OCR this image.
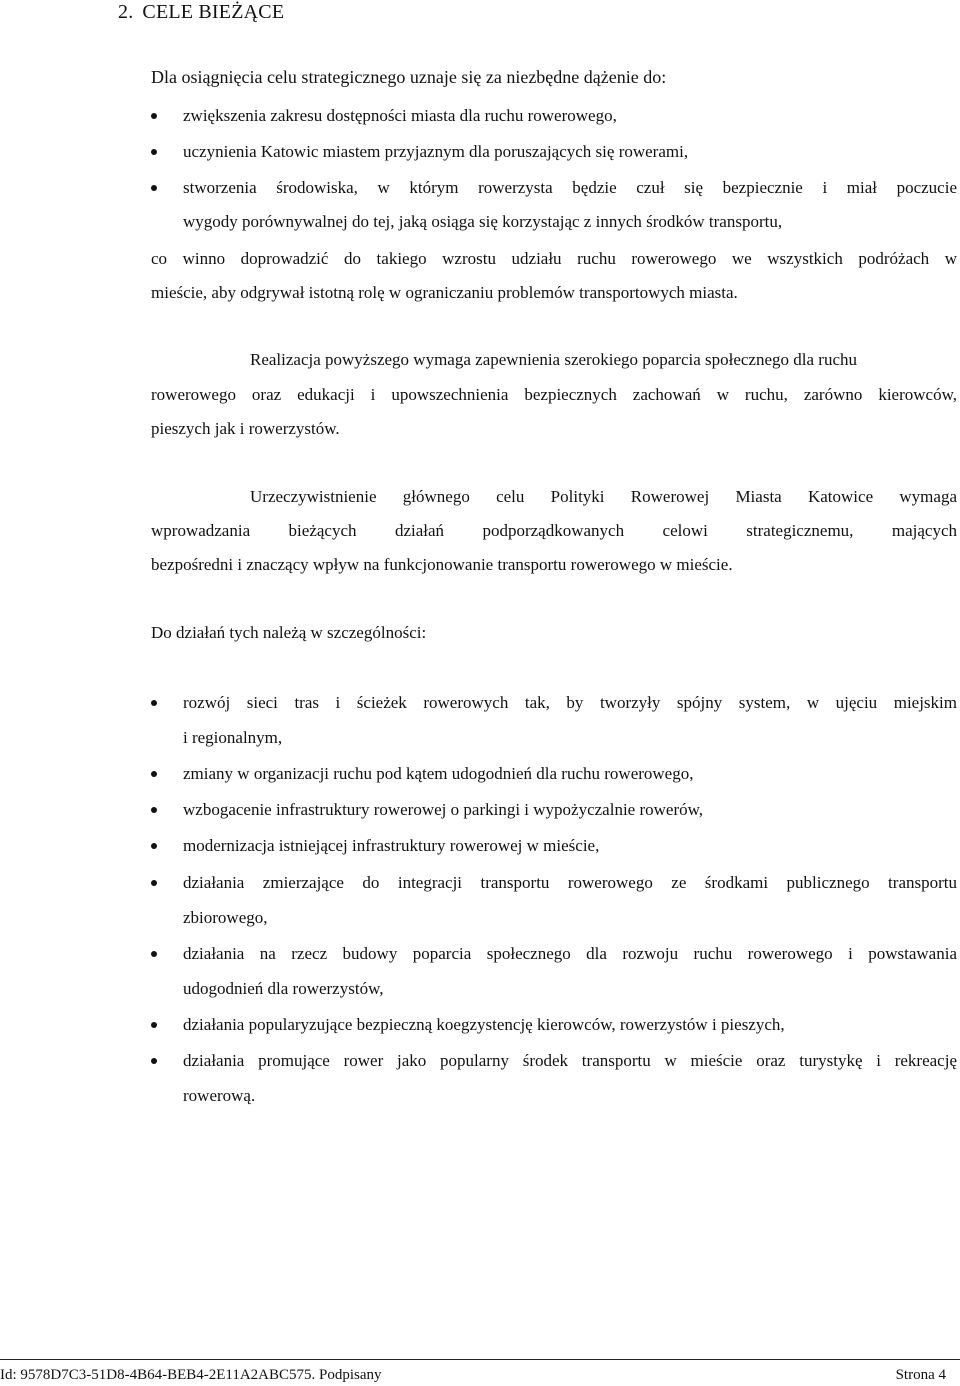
2. CELE BIEŻĄCE
Dla osiągnięcia celu strategicznego uznaje się za niezbędne dążenie do:
zwiększenia zakresu dostępności miasta dla ruchu rowerowego,
uczynienia Katowic miastem przyjaznym dla poruszających się rowerami,
stworzenia środowiska, w którym rowerzysta będzie czuł się bezpiecznie i miał poczucie
wygody porównywalnej do tej, jaką osiąga się korzystając z innych środków transportu,
co winno doprowadzić do takiego wzrostu udziału ruchu rowerowego we wszystkich podróżach w
mieście, aby odgrywał istotną rolę w ograniczaniu problemów transportowych miasta.
Realizacja powyższego wymaga zapewnienia szerokiego poparcia społecznego dla ruchu
rowerowego oraz edukacji i upowszechnienia bezpiecznych zachowań w ruchu, zarówno kierowców,
pieszych jak i rowerzystów.
Urzeczywistnienie głównego celu Polityki Rowerowej Miasta Katowice wymaga
wprowadzania bieżących działań podporządkowanych celowi strategicznemu, mających
bezpośredni i znaczący wpływ na funkcjonowanie transportu rowerowego w mieście.
Do działań tych należą w szczególności:
rozwój sieci tras i ścieżek rowerowych tak, by tworzyły spójny system, w ujęciu miejskim
i regionalnym,
zmiany w organizacji ruchu pod kątem udogodnień dla ruchu rowerowego,
wzbogacenie infrastruktury rowerowej o parkingi i wypożyczalnie rowerów,
modernizacja istniejącej infrastruktury rowerowej w mieście,
działania zmierzające do integracji transportu rowerowego ze środkami publicznego transportu
zbiorowego,
działania na rzecz budowy poparcia społecznego dla rozwoju ruchu rowerowego i powstawania
udogodnień dla rowerzystów,
działania popularyzujące bezpieczną koegzystencję kierowców, rowerzystów i pieszych,
działania promujące rower jako popularny środek transportu w mieście oraz turystykę i rekreację
rowerową.
Id: 9578D7C3-51D8-4B64-BEB4-2E11A2ABC575. Podpisany	Strona 4
